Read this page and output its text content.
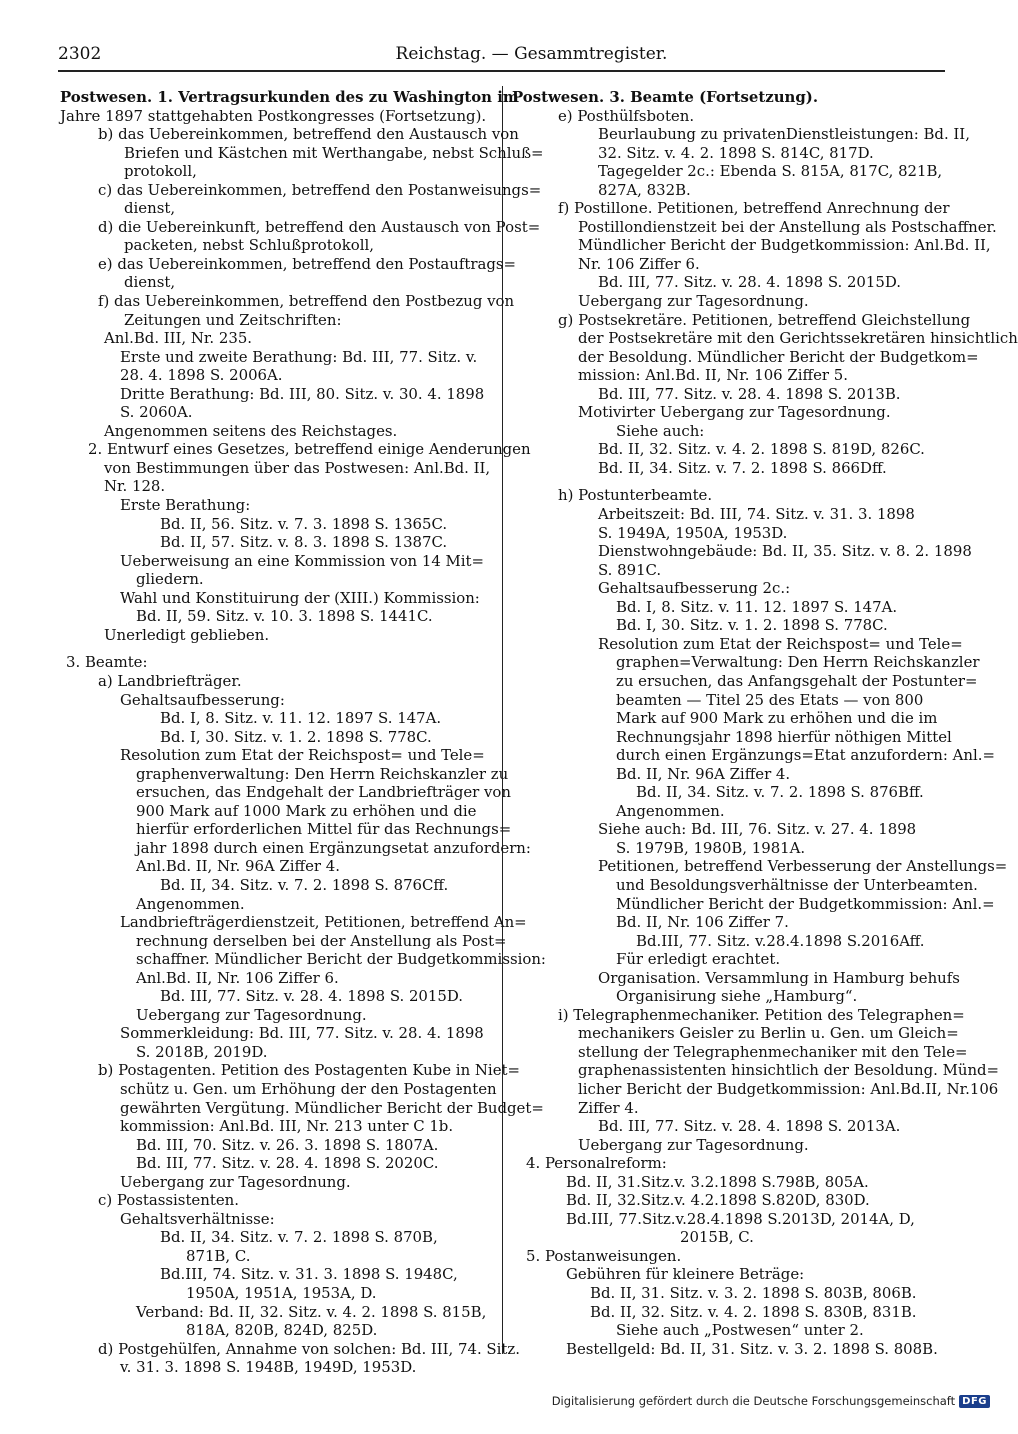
2302	Reichstag. — Gesammtregister.
Postwesen. 1. Vertragsurkunden des zu Washington im
Jahre 1897 stattgehabten Postkongresses (Fortsetzung).
b) das Uebereinkommen, betreffend den Austausch von
Briefen und Kästchen mit Werthangabe, nebst Schluß=
protokoll,
c) das Uebereinkommen, betreffend den Postanweisungs=
dienst,
d) die Uebereinkunft, betreffend den Austausch von Post=
packeten, nebst Schlußprotokoll,
e) das Uebereinkommen, betreffend den Postauftrags=
dienst,
f) das Uebereinkommen, betreffend den Postbezug von
Zeitungen und Zeitschriften:
Anl.Bd. III, Nr. 235.
Erste und zweite Berathung: Bd. III, 77. Sitz. v.
28. 4. 1898 S. 2006A.
Dritte Berathung: Bd. III, 80. Sitz. v. 30. 4. 1898
S. 2060A.
Angenommen seitens des Reichstages.
2. Entwurf eines Gesetzes, betreffend einige Aenderungen
von Bestimmungen über das Postwesen: Anl.Bd. II,
Nr. 128.
Erste Berathung:
Bd. II, 56. Sitz. v. 7. 3. 1898 S. 1365C.
Bd. II, 57. Sitz. v. 8. 3. 1898 S. 1387C.
Ueberweisung an eine Kommission von 14 Mit=
gliedern.
Wahl und Konstituirung der (XIII.) Kommission:
Bd. II, 59. Sitz. v. 10. 3. 1898 S. 1441C.
Unerledigt geblieben.
3. Beamte:
a) Landbriefträger.
Gehaltsaufbesserung:
Bd. I, 8. Sitz. v. 11. 12. 1897 S. 147A.
Bd. I, 30. Sitz. v. 1. 2. 1898 S. 778C.
Resolution zum Etat der Reichspost= und Tele=
graphenverwaltung: Den Herrn Reichskanzler zu
ersuchen, das Endgehalt der Landbriefträger von
900 Mark auf 1000 Mark zu erhöhen und die
hierfür erforderlichen Mittel für das Rechnungs=
jahr 1898 durch einen Ergänzungsetat anzufordern:
Anl.Bd. II, Nr. 96A Ziffer 4.
Bd. II, 34. Sitz. v. 7. 2. 1898 S. 876Cff.
Angenommen.
Landbriefträgerdienstzeit, Petitionen, betreffend An=
rechnung derselben bei der Anstellung als Post=
schaffner. Mündlicher Bericht der Budgetkommission:
Anl.Bd. II, Nr. 106 Ziffer 6.
Bd. III, 77. Sitz. v. 28. 4. 1898 S. 2015D.
Uebergang zur Tagesordnung.
Sommerkleidung: Bd. III, 77. Sitz. v. 28. 4. 1898
S. 2018B, 2019D.
b) Postagenten. Petition des Postagenten Kube in Niet=
schütz u. Gen. um Erhöhung der den Postagenten
gewährten Vergütung. Mündlicher Bericht der Budget=
kommission: Anl.Bd. III, Nr. 213 unter C 1b.
Bd. III, 70. Sitz. v. 26. 3. 1898 S. 1807A.
Bd. III, 77. Sitz. v. 28. 4. 1898 S. 2020C.
Uebergang zur Tagesordnung.
c) Postassistenten.
Gehaltsverhältnisse:
Bd. II, 34. Sitz. v. 7. 2. 1898 S. 870B,
871B, C.
Bd.III, 74. Sitz. v. 31. 3. 1898 S. 1948C,
1950A, 1951A, 1953A, D.
Verband: Bd. II, 32. Sitz. v. 4. 2. 1898 S. 815B,
818A, 820B, 824D, 825D.
d) Postgehülfen, Annahme von solchen: Bd. III, 74. Sitz.
v. 31. 3. 1898 S. 1948B, 1949D, 1953D.
Postwesen. 3. Beamte (Fortsetzung).
e) Posthülfsboten.
Beurlaubung zu privatenDienstleistungen: Bd. II,
32. Sitz. v. 4. 2. 1898 S. 814C, 817D.
Tagegelder 2c.: Ebenda S. 815A, 817C, 821B,
827A, 832B.
f) Postillone. Petitionen, betreffend Anrechnung der
Postillondienstzeit bei der Anstellung als Postschaffner.
Mündlicher Bericht der Budgetkommission: Anl.Bd. II,
Nr. 106 Ziffer 6.
Bd. III, 77. Sitz. v. 28. 4. 1898 S. 2015D.
Uebergang zur Tagesordnung.
g) Postsekretäre. Petitionen, betreffend Gleichstellung
der Postsekretäre mit den Gerichtssekretären hinsichtlich
der Besoldung. Mündlicher Bericht der Budgetkom=
mission: Anl.Bd. II, Nr. 106 Ziffer 5.
Bd. III, 77. Sitz. v. 28. 4. 1898 S. 2013B.
Motivirter Uebergang zur Tagesordnung.
Siehe auch:
Bd. II, 32. Sitz. v. 4. 2. 1898 S. 819D, 826C.
Bd. II, 34. Sitz. v. 7. 2. 1898 S. 866Dff.
h) Postunterbeamte.
Arbeitszeit: Bd. III, 74. Sitz. v. 31. 3. 1898
S. 1949A, 1950A, 1953D.
Dienstwohngebäude: Bd. II, 35. Sitz. v. 8. 2. 1898
S. 891C.
Gehaltsaufbesserung 2c.:
Bd. I, 8. Sitz. v. 11. 12. 1897 S. 147A.
Bd. I, 30. Sitz. v. 1. 2. 1898 S. 778C.
Resolution zum Etat der Reichspost= und Tele=
graphen=Verwaltung: Den Herrn Reichskanzler
zu ersuchen, das Anfangsgehalt der Postunter=
beamten — Titel 25 des Etats — von 800
Mark auf 900 Mark zu erhöhen und die im
Rechnungsjahr 1898 hierfür nöthigen Mittel
durch einen Ergänzungs=Etat anzufordern: Anl.=
Bd. II, Nr. 96A Ziffer 4.
Bd. II, 34. Sitz. v. 7. 2. 1898 S. 876Bff.
Angenommen.
Siehe auch: Bd. III, 76. Sitz. v. 27. 4. 1898
S. 1979B, 1980B, 1981A.
Petitionen, betreffend Verbesserung der Anstellungs=
und Besoldungsverhältnisse der Unterbeamten.
Mündlicher Bericht der Budgetkommission: Anl.=
Bd. II, Nr. 106 Ziffer 7.
Bd.III, 77. Sitz. v.28.4.1898 S.2016Aff.
Für erledigt erachtet.
Organisation. Versammlung in Hamburg behufs
Organisirung siehe „Hamburg“.
i) Telegraphenmechaniker. Petition des Telegraphen=
mechanikers Geisler zu Berlin u. Gen. um Gleich=
stellung der Telegraphenmechaniker mit den Tele=
graphenassistenten hinsichtlich der Besoldung. Münd=
licher Bericht der Budgetkommission: Anl.Bd.II, Nr.106
Ziffer 4.
Bd. III, 77. Sitz. v. 28. 4. 1898 S. 2013A.
Uebergang zur Tagesordnung.
4. Personalreform:
Bd. II, 31.Sitz.v. 3.2.1898 S.798B, 805A.
Bd. II, 32.Sitz.v. 4.2.1898 S.820D, 830D.
Bd.III, 77.Sitz.v.28.4.1898 S.2013D, 2014A, D,
2015B, C.
5. Postanweisungen.
Gebühren für kleinere Beträge:
Bd. II, 31. Sitz. v. 3. 2. 1898 S. 803B, 806B.
Bd. II, 32. Sitz. v. 4. 2. 1898 S. 830B, 831B.
Siehe auch „Postwesen“ unter 2.
Bestellgeld: Bd. II, 31. Sitz. v. 3. 2. 1898 S. 808B.
Digitalisierung gefördert durch die Deutsche Forschungsgemeinschaft DFG
